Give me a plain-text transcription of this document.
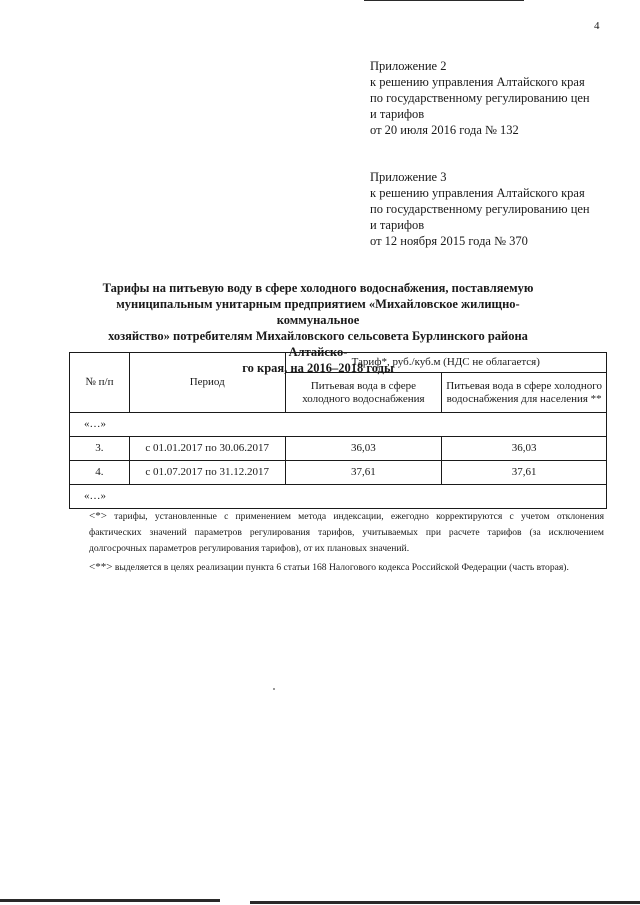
4
Приложение 2
к решению управления Алтайского края
по государственному регулированию цен
и тарифов
от 20 июля 2016 года № 132
Приложение 3
к решению управления Алтайского края
по государственному регулированию цен
и тарифов
от 12 ноября 2015 года № 370
Тарифы на питьевую воду в сфере холодного водоснабжения, поставляемую
муниципальным унитарным предприятием «Михайловское жилищно-коммунальное
хозяйство» потребителям Михайловского сельсовета Бурлинского района Алтайско-
го края, на 2016–2018 годы
№ п/п	Период	Тариф*, руб./куб.м (НДС не облагается)	
		Питьевая вода в сфере холодного водоснабжения	Питьевая вода в сфере холодного водоснабжения для населения **
«…»			
3.	с 01.01.2017 по 30.06.2017	36,03	36,03
4.	с 01.07.2017 по 31.12.2017	37,61	37,61
«…»			

<*> тарифы, установленные с применением метода индексации, ежегодно корректируются с учетом отклонения фактических значений параметров регулирования тарифов, учитываемых при расчете тарифов (за исключением долгосрочных параметров регулирования тарифов), от их плановых значений.

<**> выделяется в целях реализации пункта 6 статьи 168 Налогового кодекса Российской Федерации (часть вторая).
